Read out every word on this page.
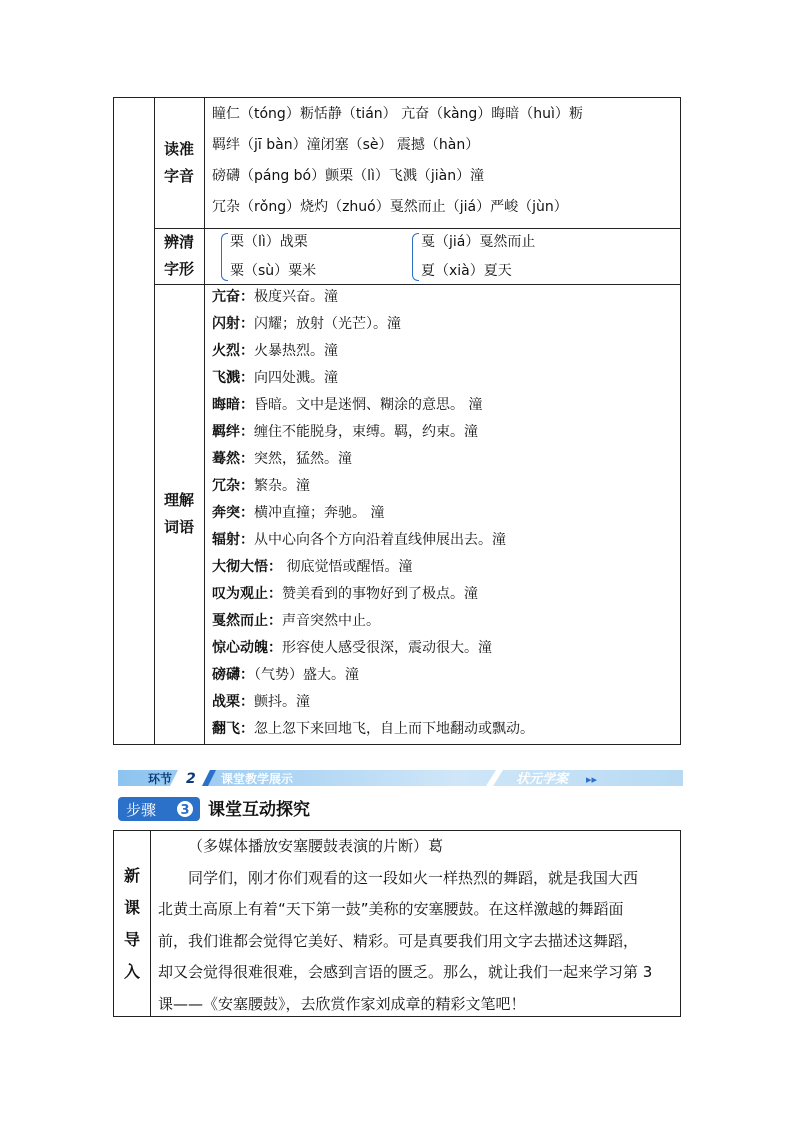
读准
字音
瞳仁（tóng）粝恬静（tián） 亢奋（kàng）晦暗（huì）粝
羁绊（jī bàn）潼闭塞（sè） 震撼（hàn）
磅礴（páng bó）颤栗（lì）飞溅（jiàn）潼
冗杂（rǒng）烧灼（zhuó）戛然而止（jiá）严峻（jùn）
辨清
字形
栗（lì）战栗
粟（sù）粟米
戛（jiá）戛然而止
夏（xià）夏天
理解
词语
亢奋：极度兴奋。潼
闪射：闪耀；放射（光芒）。潼
火烈：火暴热烈。潼
飞溅：向四处溅。潼
晦暗：昏暗。文中是迷惘、糊涂的意思。 潼
羁绊：缠住不能脱身，束缚。羁，约束。潼
蓦然：突然，猛然。潼
冗杂：繁杂。潼
奔突：横冲直撞；奔驰。 潼
辐射：从中心向各个方向沿着直线伸展出去。潼
大彻大悟： 彻底觉悟或醒悟。潼
叹为观止：赞美看到的事物好到了极点。潼
戛然而止：声音突然中止。
惊心动魄：形容使人感受很深，震动很大。潼
磅礴：（气势）盛大。潼
战栗：颤抖。潼
翻飞：忽上忽下来回地飞，自上而下地翻动或飘动。
环节 2 课堂教学展示	状元学案 ▸▸
步骤 3 课堂互动探究
新
课
导
入
（多媒体播放安塞腰鼓表演的片断）葛
同学们，刚才你们观看的这一段如火一样热烈的舞蹈，就是我国大西
北黄土高原上有着“天下第一鼓”美称的安塞腰鼓。在这样激越的舞蹈面
前，我们谁都会觉得它美好、精彩。可是真要我们用文字去描述这舞蹈，
却又会觉得很难很难，会感到言语的匮乏。那么，就让我们一起来学习第 3
课——《安塞腰鼓》，去欣赏作家刘成章的精彩文笔吧！
